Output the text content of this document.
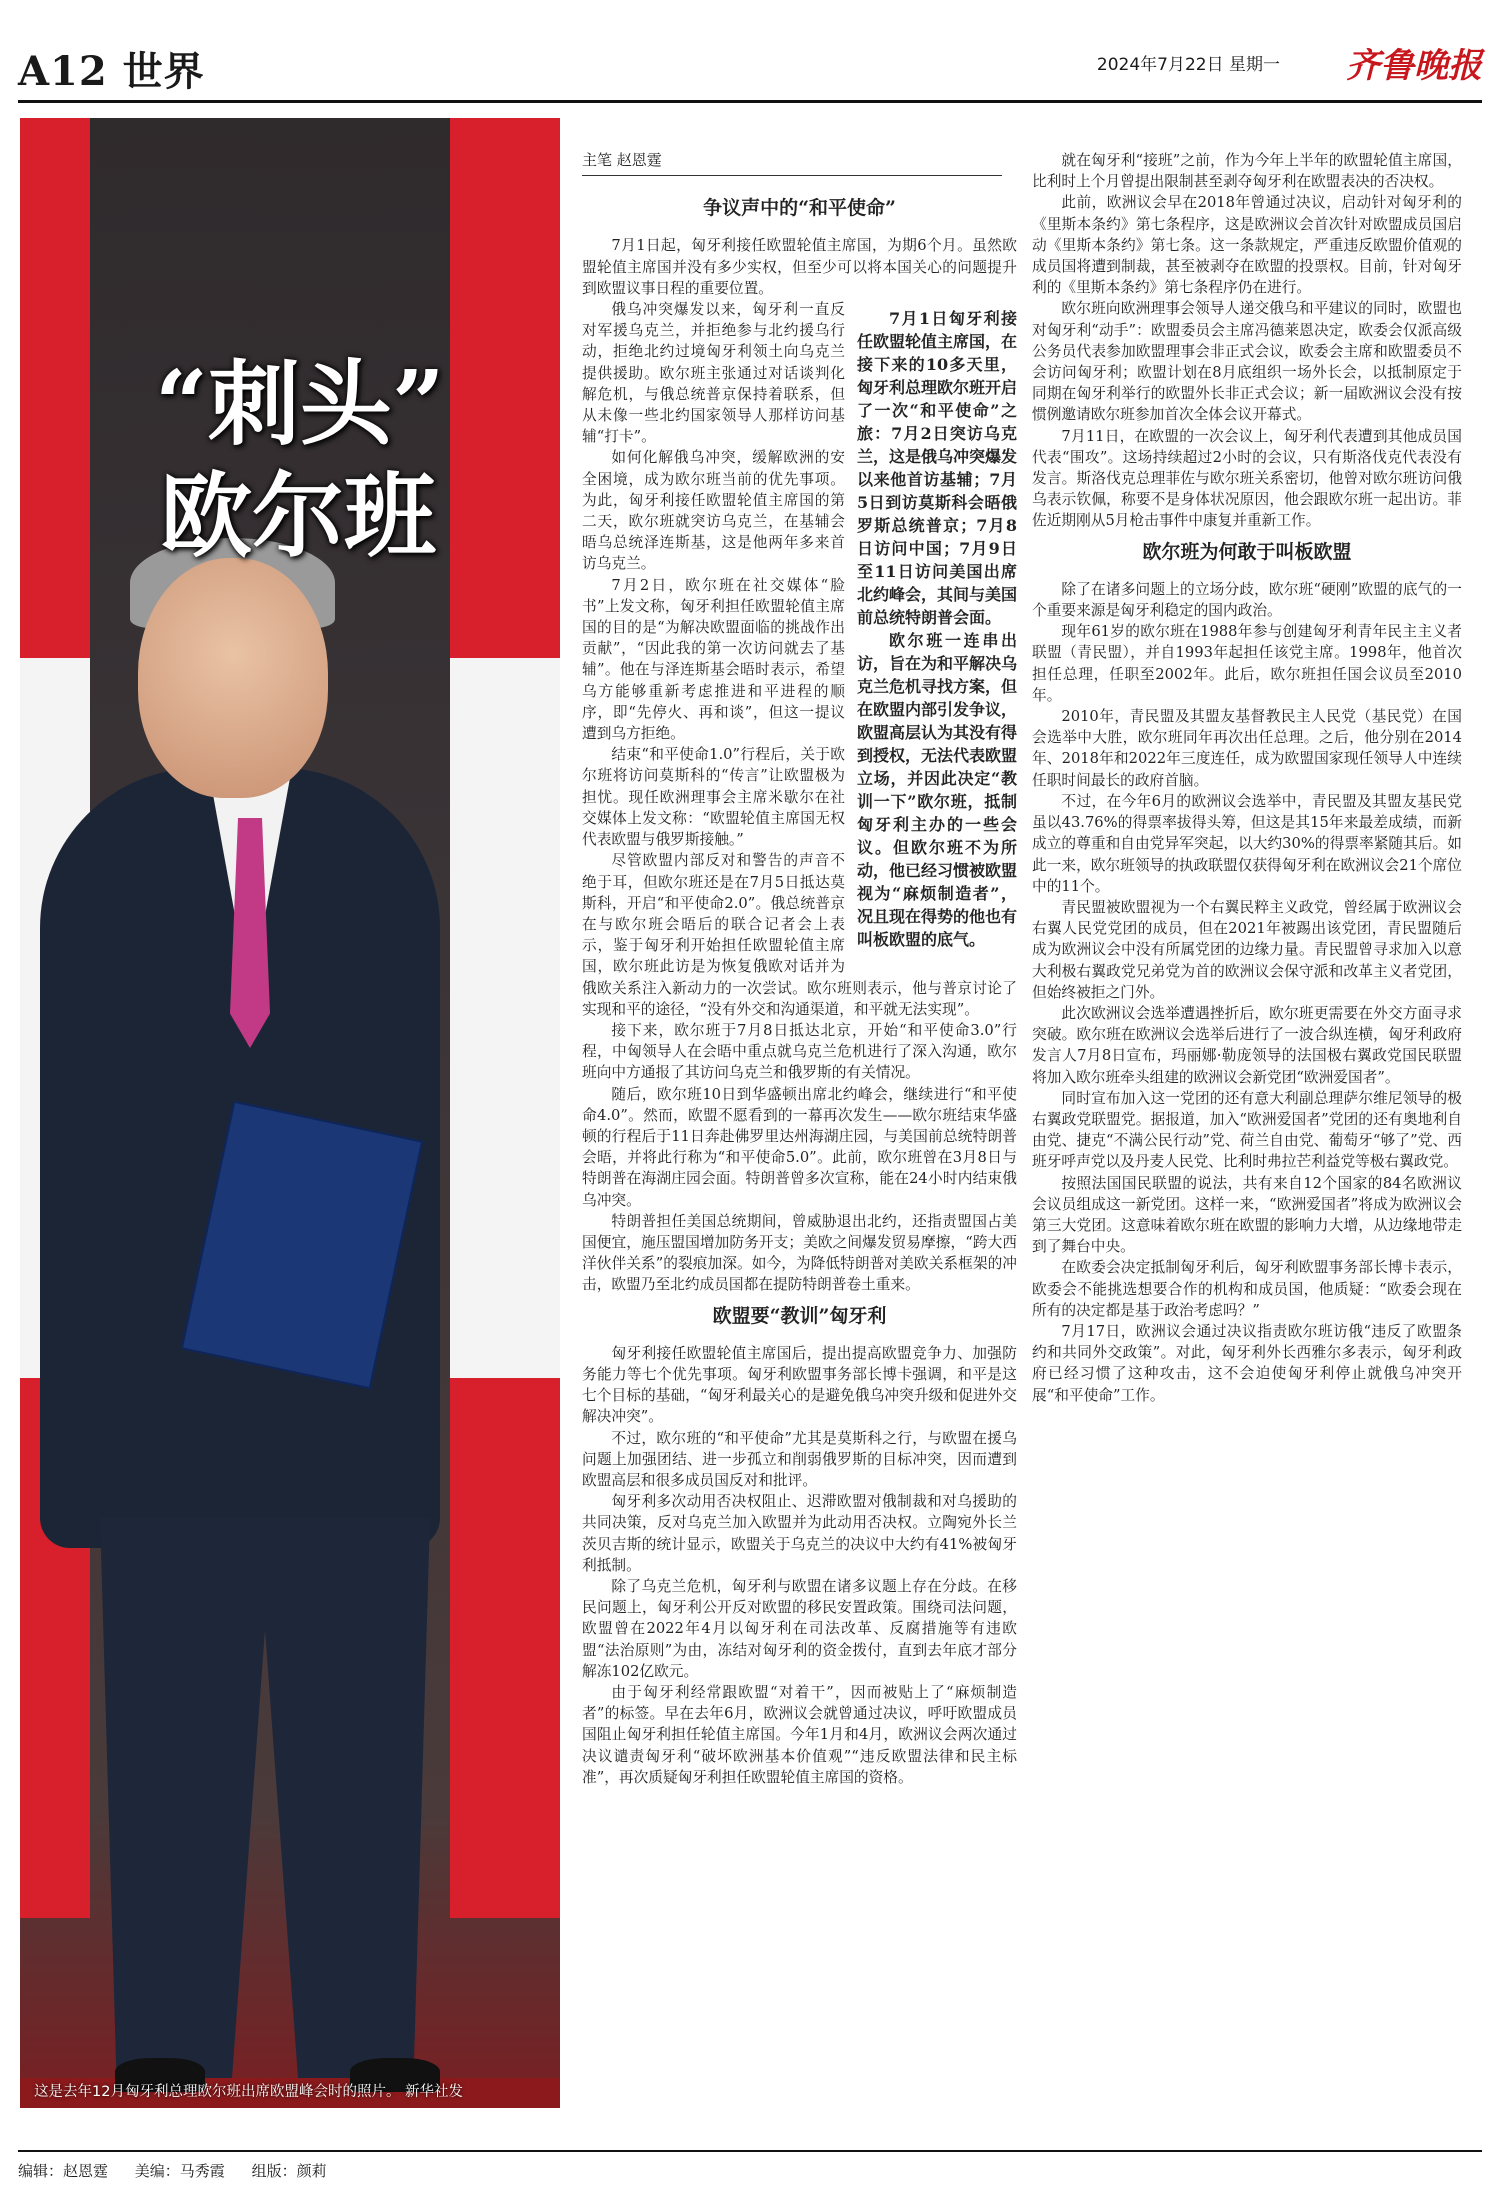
A12 世界	2024年7月22日 星期一 齐鲁晚报
“刺头”
欧尔班
这是去年12月匈牙利总理欧尔班出席欧盟峰会时的照片。 新华社发
主笔 赵恩霆
争议声中的“和平使命”

7月1日起，匈牙利接任欧盟轮值主席国，为期6个月。虽然欧盟轮值主席国并没有多少实权，但至少可以将本国关心的问题提升到欧盟议事日程的重要位置。

7月1日匈牙利接任欧盟轮值主席国，在接下来的10多天里，匈牙利总理欧尔班开启了一次“和平使命”之旅：7月2日突访乌克兰，这是俄乌冲突爆发以来他首访基辅；7月5日到访莫斯科会晤俄罗斯总统普京；7月8日访问中国；7月9日至11日访问美国出席北约峰会，其间与美国前总统特朗普会面。

欧尔班一连串出访，旨在为和平解决乌克兰危机寻找方案，但在欧盟内部引发争议，欧盟高层认为其没有得到授权，无法代表欧盟立场，并因此决定“教训一下”欧尔班，抵制匈牙利主办的一些会议。但欧尔班不为所动，他已经习惯被欧盟视为“麻烦制造者”，况且现在得势的他也有叫板欧盟的底气。

俄乌冲突爆发以来，匈牙利一直反对军援乌克兰，并拒绝参与北约援乌行动，拒绝北约过境匈牙利领土向乌克兰提供援助。欧尔班主张通过对话谈判化解危机，与俄总统普京保持着联系，但从未像一些北约国家领导人那样访问基辅“打卡”。

如何化解俄乌冲突，缓解欧洲的安全困境，成为欧尔班当前的优先事项。为此，匈牙利接任欧盟轮值主席国的第二天，欧尔班就突访乌克兰，在基辅会晤乌总统泽连斯基，这是他两年多来首访乌克兰。

7月2日，欧尔班在社交媒体“脸书”上发文称，匈牙利担任欧盟轮值主席国的目的是“为解决欧盟面临的挑战作出贡献”，“因此我的第一次访问就去了基辅”。他在与泽连斯基会晤时表示，希望乌方能够重新考虑推进和平进程的顺序，即“先停火、再和谈”，但这一提议遭到乌方拒绝。

结束“和平使命1.0”行程后，关于欧尔班将访问莫斯科的“传言”让欧盟极为担忧。现任欧洲理事会主席米歇尔在社交媒体上发文称：“欧盟轮值主席国无权代表欧盟与俄罗斯接触。”

尽管欧盟内部反对和警告的声音不绝于耳，但欧尔班还是在7月5日抵达莫斯科，开启“和平使命2.0”。俄总统普京在与欧尔班会晤后的联合记者会上表示，鉴于匈牙利开始担任欧盟轮值主席国，欧尔班此访是为恢复俄欧对话并为俄欧关系注入新动力的一次尝试。欧尔班则表示，他与普京讨论了实现和平的途径，“没有外交和沟通渠道，和平就无法实现”。

接下来，欧尔班于7月8日抵达北京，开始“和平使命3.0”行程，中匈领导人在会晤中重点就乌克兰危机进行了深入沟通，欧尔班向中方通报了其访问乌克兰和俄罗斯的有关情况。

随后，欧尔班10日到华盛顿出席北约峰会，继续进行“和平使命4.0”。然而，欧盟不愿看到的一幕再次发生——欧尔班结束华盛顿的行程后于11日奔赴佛罗里达州海湖庄园，与美国前总统特朗普会晤，并将此行称为“和平使命5.0”。此前，欧尔班曾在3月8日与特朗普在海湖庄园会面。特朗普曾多次宣称，能在24小时内结束俄乌冲突。

特朗普担任美国总统期间，曾威胁退出北约，还指责盟国占美国便宜，施压盟国增加防务开支；美欧之间爆发贸易摩擦，“跨大西洋伙伴关系”的裂痕加深。如今，为降低特朗普对美欧关系框架的冲击，欧盟乃至北约成员国都在提防特朗普卷土重来。

欧盟要“教训”匈牙利

匈牙利接任欧盟轮值主席国后，提出提高欧盟竞争力、加强防务能力等七个优先事项。匈牙利欧盟事务部长博卡强调，和平是这七个目标的基础，“匈牙利最关心的是避免俄乌冲突升级和促进外交解决冲突”。

不过，欧尔班的“和平使命”尤其是莫斯科之行，与欧盟在援乌问题上加强团结、进一步孤立和削弱俄罗斯的目标冲突，因而遭到欧盟高层和很多成员国反对和批评。

匈牙利多次动用否决权阻止、迟滞欧盟对俄制裁和对乌援助的共同决策，反对乌克兰加入欧盟并为此动用否决权。立陶宛外长兰茨贝吉斯的统计显示，欧盟关于乌克兰的决议中大约有41%被匈牙利抵制。

除了乌克兰危机，匈牙利与欧盟在诸多议题上存在分歧。在移民问题上，匈牙利公开反对欧盟的移民安置政策。围绕司法问题，欧盟曾在2022年4月以匈牙利在司法改革、反腐措施等有违欧盟“法治原则”为由，冻结对匈牙利的资金拨付，直到去年底才部分解冻102亿欧元。

由于匈牙利经常跟欧盟“对着干”，因而被贴上了“麻烦制造者”的标签。早在去年6月，欧洲议会就曾通过决议，呼吁欧盟成员国阻止匈牙利担任轮值主席国。今年1月和4月，欧洲议会两次通过决议谴责匈牙利“破坏欧洲基本价值观”“违反欧盟法律和民主标准”，再次质疑匈牙利担任欧盟轮值主席国的资格。

就在匈牙利“接班”之前，作为今年上半年的欧盟轮值主席国，比利时上个月曾提出限制甚至剥夺匈牙利在欧盟表决的否决权。

此前，欧洲议会早在2018年曾通过决议，启动针对匈牙利的《里斯本条约》第七条程序，这是欧洲议会首次针对欧盟成员国启动《里斯本条约》第七条。这一条款规定，严重违反欧盟价值观的成员国将遭到制裁，甚至被剥夺在欧盟的投票权。目前，针对匈牙利的《里斯本条约》第七条程序仍在进行。

欧尔班向欧洲理事会领导人递交俄乌和平建议的同时，欧盟也对匈牙利“动手”：欧盟委员会主席冯德莱恩决定，欧委会仅派高级公务员代表参加欧盟理事会非正式会议，欧委会主席和欧盟委员不会访问匈牙利；欧盟计划在8月底组织一场外长会，以抵制原定于同期在匈牙利举行的欧盟外长非正式会议；新一届欧洲议会没有按惯例邀请欧尔班参加首次全体会议开幕式。

7月11日，在欧盟的一次会议上，匈牙利代表遭到其他成员国代表“围攻”。这场持续超过2小时的会议，只有斯洛伐克代表没有发言。斯洛伐克总理菲佐与欧尔班关系密切，他曾对欧尔班访问俄乌表示钦佩，称要不是身体状况原因，他会跟欧尔班一起出访。菲佐近期刚从5月枪击事件中康复并重新工作。

欧尔班为何敢于叫板欧盟

除了在诸多问题上的立场分歧，欧尔班“硬刚”欧盟的底气的一个重要来源是匈牙利稳定的国内政治。

现年61岁的欧尔班在1988年参与创建匈牙利青年民主主义者联盟（青民盟），并自1993年起担任该党主席。1998年，他首次担任总理，任职至2002年。此后，欧尔班担任国会议员至2010年。

2010年，青民盟及其盟友基督教民主人民党（基民党）在国会选举中大胜，欧尔班同年再次出任总理。之后，他分别在2014年、2018年和2022年三度连任，成为欧盟国家现任领导人中连续任职时间最长的政府首脑。

不过，在今年6月的欧洲议会选举中，青民盟及其盟友基民党虽以43.76%的得票率拔得头筹，但这是其15年来最差成绩，而新成立的尊重和自由党异军突起，以大约30%的得票率紧随其后。如此一来，欧尔班领导的执政联盟仅获得匈牙利在欧洲议会21个席位中的11个。

青民盟被欧盟视为一个右翼民粹主义政党，曾经属于欧洲议会右翼人民党党团的成员，但在2021年被踢出该党团，青民盟随后成为欧洲议会中没有所属党团的边缘力量。青民盟曾寻求加入以意大利极右翼政党兄弟党为首的欧洲议会保守派和改革主义者党团，但始终被拒之门外。

此次欧洲议会选举遭遇挫折后，欧尔班更需要在外交方面寻求突破。欧尔班在欧洲议会选举后进行了一波合纵连横，匈牙利政府发言人7月8日宣布，玛丽娜·勒庞领导的法国极右翼政党国民联盟将加入欧尔班牵头组建的欧洲议会新党团“欧洲爱国者”。

同时宣布加入这一党团的还有意大利副总理萨尔维尼领导的极右翼政党联盟党。据报道，加入“欧洲爱国者”党团的还有奥地利自由党、捷克“不满公民行动”党、荷兰自由党、葡萄牙“够了”党、西班牙呼声党以及丹麦人民党、比利时弗拉芒利益党等极右翼政党。

按照法国国民联盟的说法，共有来自12个国家的84名欧洲议会议员组成这一新党团。这样一来，“欧洲爱国者”将成为欧洲议会第三大党团。这意味着欧尔班在欧盟的影响力大增，从边缘地带走到了舞台中央。

在欧委会决定抵制匈牙利后，匈牙利欧盟事务部长博卡表示，欧委会不能挑选想要合作的机构和成员国，他质疑：“欧委会现在所有的决定都是基于政治考虑吗？”

7月17日，欧洲议会通过决议指责欧尔班访俄“违反了欧盟条约和共同外交政策”。对此，匈牙利外长西雅尔多表示，匈牙利政府已经习惯了这种攻击，这不会迫使匈牙利停止就俄乌冲突开展“和平使命”工作。

编辑：赵恩霆 美编：马秀霞 组版：颜莉
